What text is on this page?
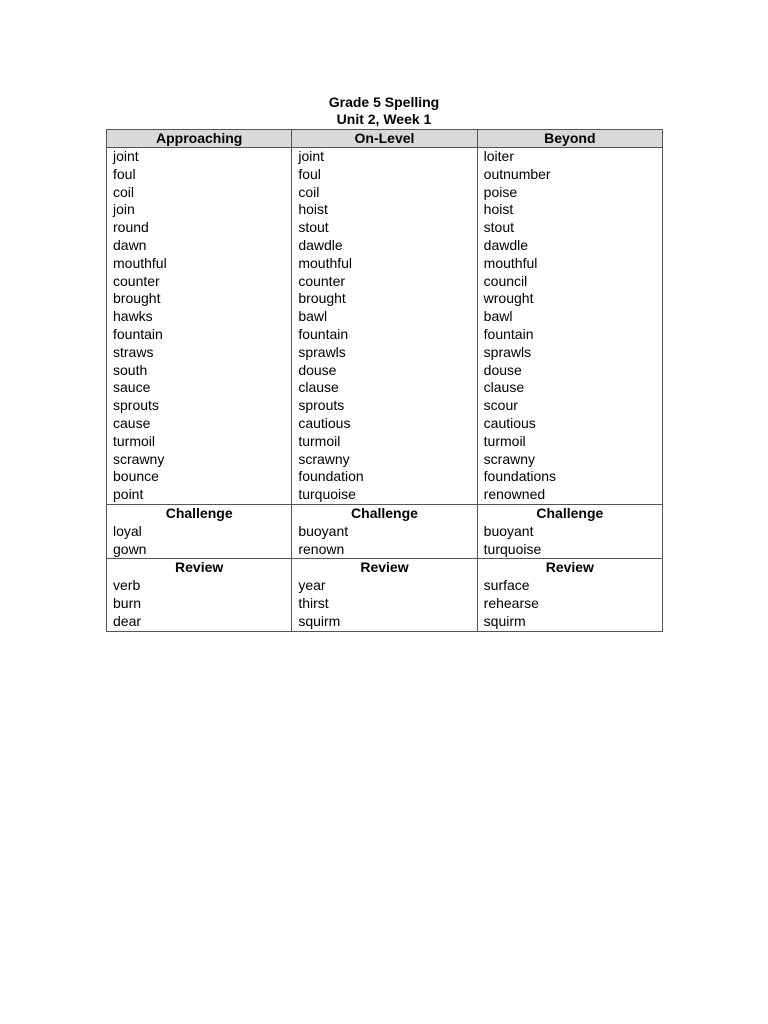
Grade 5 Spelling
Unit 2, Week 1
Approaching	On-Level	Beyond
joint	joint	loiter
foul	foul	outnumber
coil	coil	poise
join	hoist	hoist
round	stout	stout
dawn	dawdle	dawdle
mouthful	mouthful	mouthful
counter	counter	council
brought	brought	wrought
hawks	bawl	bawl
fountain	fountain	fountain
straws	sprawls	sprawls
south	douse	douse
sauce	clause	clause
sprouts	sprouts	scour
cause	cautious	cautious
turmoil	turmoil	turmoil
scrawny	scrawny	scrawny
bounce	foundation	foundations
point	turquoise	renowned
Challenge	Challenge	Challenge
loyal	buoyant	buoyant
gown	renown	turquoise
Review	Review	Review
verb	year	surface
burn	thirst	rehearse
dear	squirm	squirm
